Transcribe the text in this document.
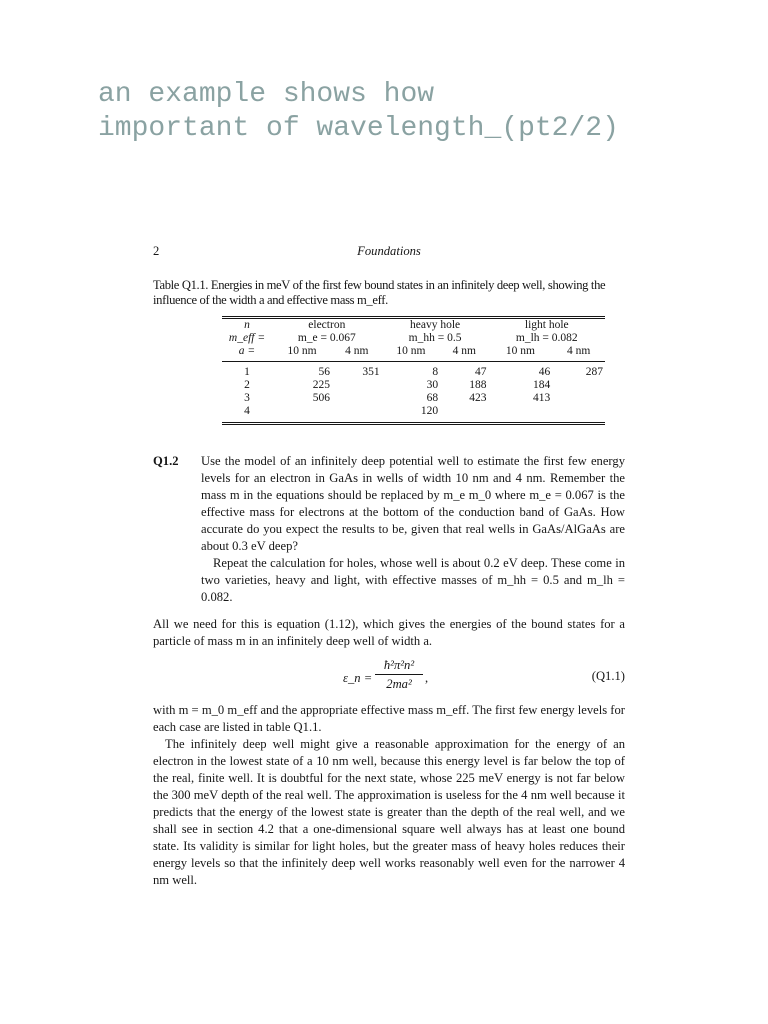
an example shows how
important of wavelength_(pt2/2)
Foundations
2
Table Q1.1. Energies in meV of the first few bound states in an infinitely deep well, showing the influence of the width a and effective mass m_eff.
n	electron		heavy hole		light hole	
m_eff =	m_e = 0.067		m_hh = 0.5		m_lh = 0.082	
a =	10 nm	4 nm	10 nm	4 nm	10 nm	4 nm
1	56	351	8	47	46	287
2	225		30	188	184	
3	506		68	423	413	
4			120			
Q1.2 Use the model of an infinitely deep potential well to estimate the first few energy levels for an electron in GaAs in wells of width 10 nm and 4 nm. Remember the mass m in the equations should be replaced by m_e m_0 where m_e = 0.067 is the effective mass for electrons at the bottom of the conduction band of GaAs. How accurate do you expect the results to be, given that real wells in GaAs/AlGaAs are about 0.3 eV deep?

Repeat the calculation for holes, whose well is about 0.2 eV deep. These come in two varieties, heavy and light, with effective masses of m_hh = 0.5 and m_lh = 0.082.

All we need for this is equation (1.12), which gives the energies of the bound states for a particle of mass m in an infinitely deep well of width a.

ε_n = $\frac{\text{ħ²π²n²}}{\text{2ma²}}$ ,	(Q1.1)

with m = m_0 m_eff and the appropriate effective mass m_eff. The first few energy levels for each case are listed in table Q1.1.

The infinitely deep well might give a reasonable approximation for the energy of an electron in the lowest state of a 10 nm well, because this energy level is far below the top of the real, finite well. It is doubtful for the next state, whose 225 meV energy is not far below the 300 meV depth of the real well. The approximation is useless for the 4 nm well because it predicts that the energy of the lowest state is greater than the depth of the real well, and we shall see in section 4.2 that a one-dimensional square well always has at least one bound state. Its validity is similar for light holes, but the greater mass of heavy holes reduces their energy levels so that the infinitely deep well works reasonably well even for the narrower 4 nm well.
